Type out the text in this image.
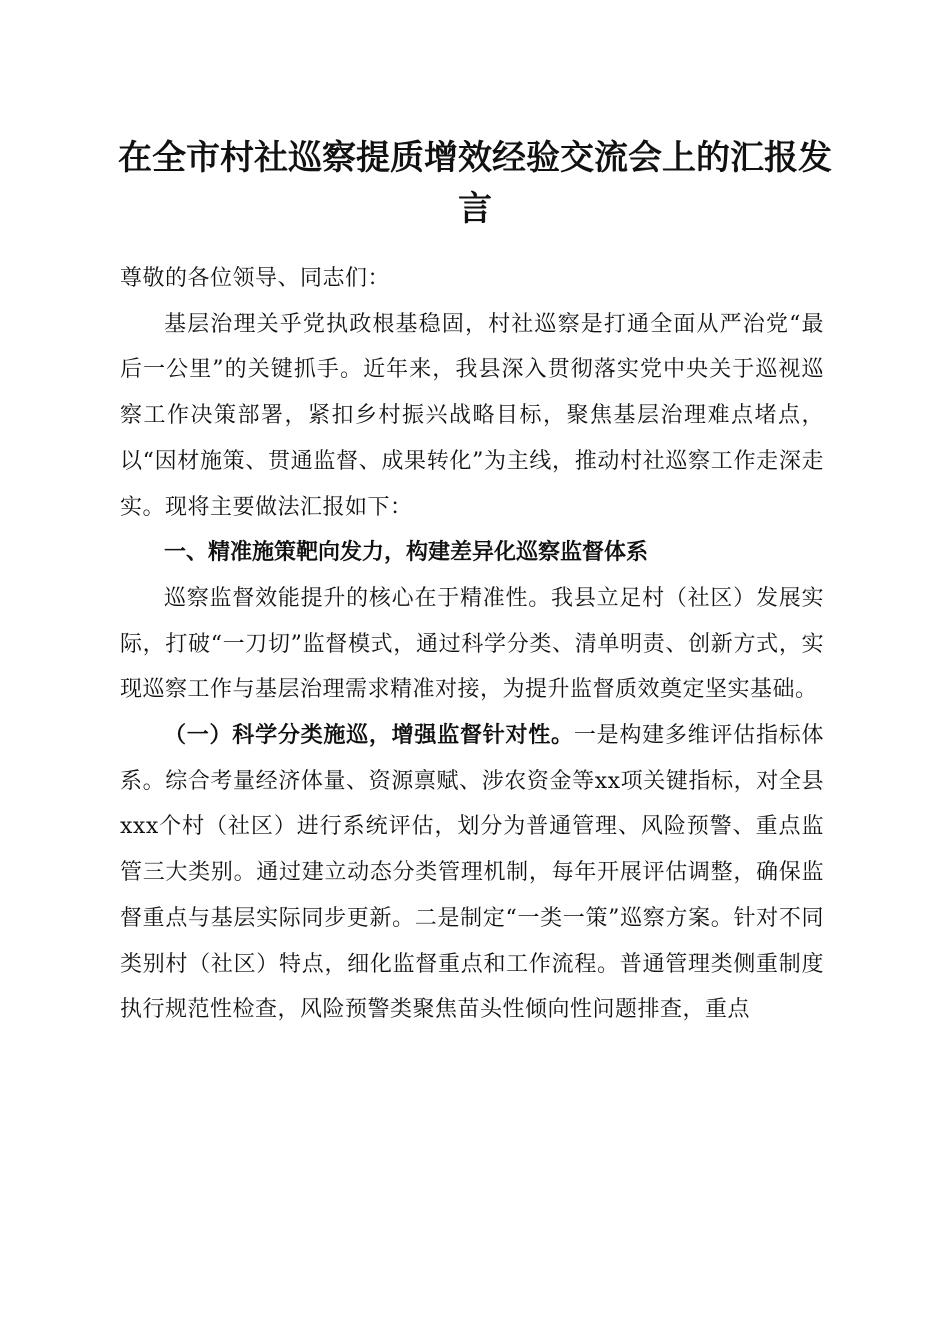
在全市村社巡察提质增效经验交流会上的汇报发言

尊敬的各位领导、同志们：

基层治理关乎党执政根基稳固，村社巡察是打通全面从严治党“最后一公里”的关键抓手。近年来，我县深入贯彻落实党中央关于巡视巡察工作决策部署，紧扣乡村振兴战略目标，聚焦基层治理难点堵点，以“因材施策、贯通监督、成果转化”为主线，推动村社巡察工作走深走实。现将主要做法汇报如下：

一、精准施策靶向发力，构建差异化巡察监督体系

巡察监督效能提升的核心在于精准性。我县立足村（社区）发展实际，打破“一刀切”监督模式，通过科学分类、清单明责、创新方式，实现巡察工作与基层治理需求精准对接，为提升监督质效奠定坚实基础。

（一）科学分类施巡，增强监督针对性。一是构建多维评估指标体系。综合考量经济体量、资源禀赋、涉农资金等xx项关键指标，对全县xxx个村（社区）进行系统评估，划分为普通管理、风险预警、重点监管三大类别。通过建立动态分类管理机制，每年开展评估调整，确保监督重点与基层实际同步更新。二是制定“一类一策”巡察方案。针对不同类别村（社区）特点，细化监督重点和工作流程。普通管理类侧重制度执行规范性检查，风险预警类聚焦苗头性倾向性问题排查，重点
